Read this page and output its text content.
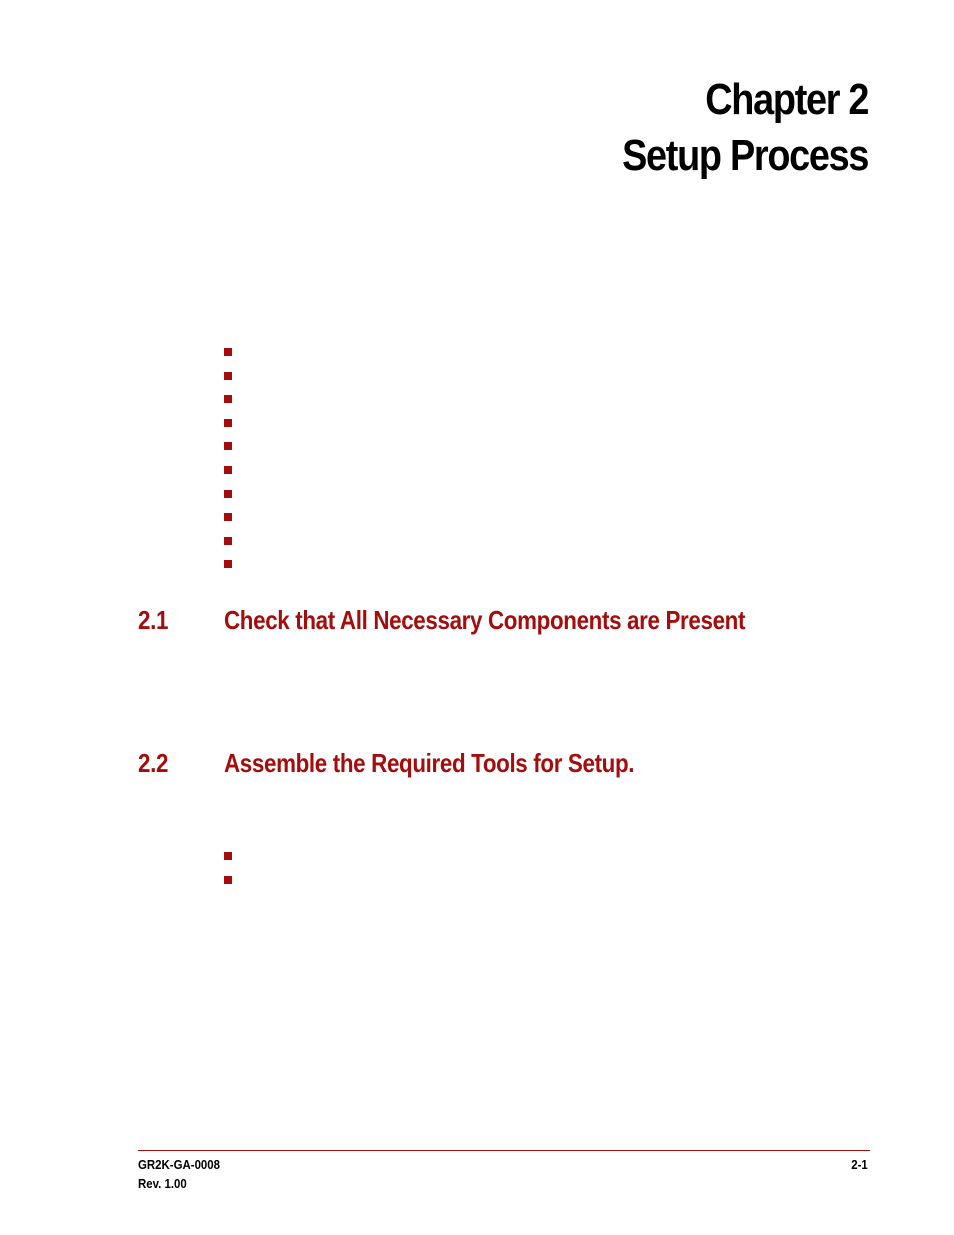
Chapter 2
Setup Process
2.1 Check that All Necessary Components are Present
2.2 Assemble the Required Tools for Setup.
GR2K-GA-0008
Rev. 1.00
2-1
